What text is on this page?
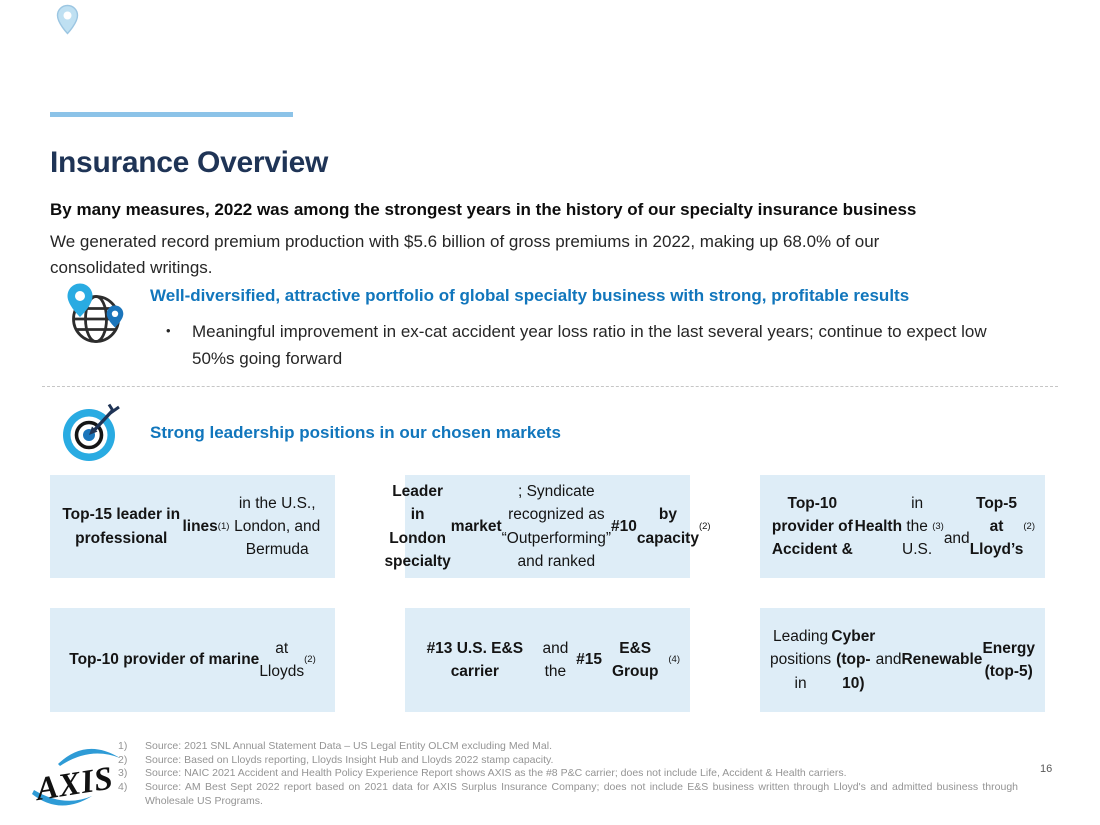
Insurance Overview
By many measures, 2022 was among the strongest years in the history of our specialty insurance business
We generated record premium production with $5.6 billion of gross premiums in 2022, making up 68.0% of our consolidated writings.
Well-diversified, attractive portfolio of global specialty business with strong, profitable results
•	Meaningful improvement in ex-cat accident year loss ratio in the last several years; continue to expect low 50%s going forward
Strong leadership positions in our chosen markets
Top-15 leader in professional

lines (1)
in the U.S., London, and
Bermuda
Leader in London specialty

market
; Syndicate recognized as
“Outperforming” and ranked
#10

by capacity
(2)
Top-10 provider of Accident &

Health
in the U.S.
(3)

and
Top-5 at Lloyd’s
(2)
Top-10 provider of marine
at
Lloyds
(2)
#13 U.S. E&S carrier
and the
#15

E&S Group
(4)
Leading positions in

Cyber (top-10)
and Renewable

Energy (top-5)
AXIS
1)	Source: 2021 SNL Annual Statement Data – US Legal Entity OLCM excluding Med Mal.
2)	Source: Based on Lloyds reporting, Lloyds Insight Hub and Lloyds 2022 stamp capacity.
3)	Source: NAIC 2021 Accident and Health Policy Experience Report shows AXIS as the #8 P&C carrier; does not include Life, Accident & Health carriers.
4)	Source: AM Best Sept 2022 report based on 2021 data for AXIS Surplus Insurance Company; does not include E&S business written through Lloyd's and admitted business through Wholesale US Programs.
16
